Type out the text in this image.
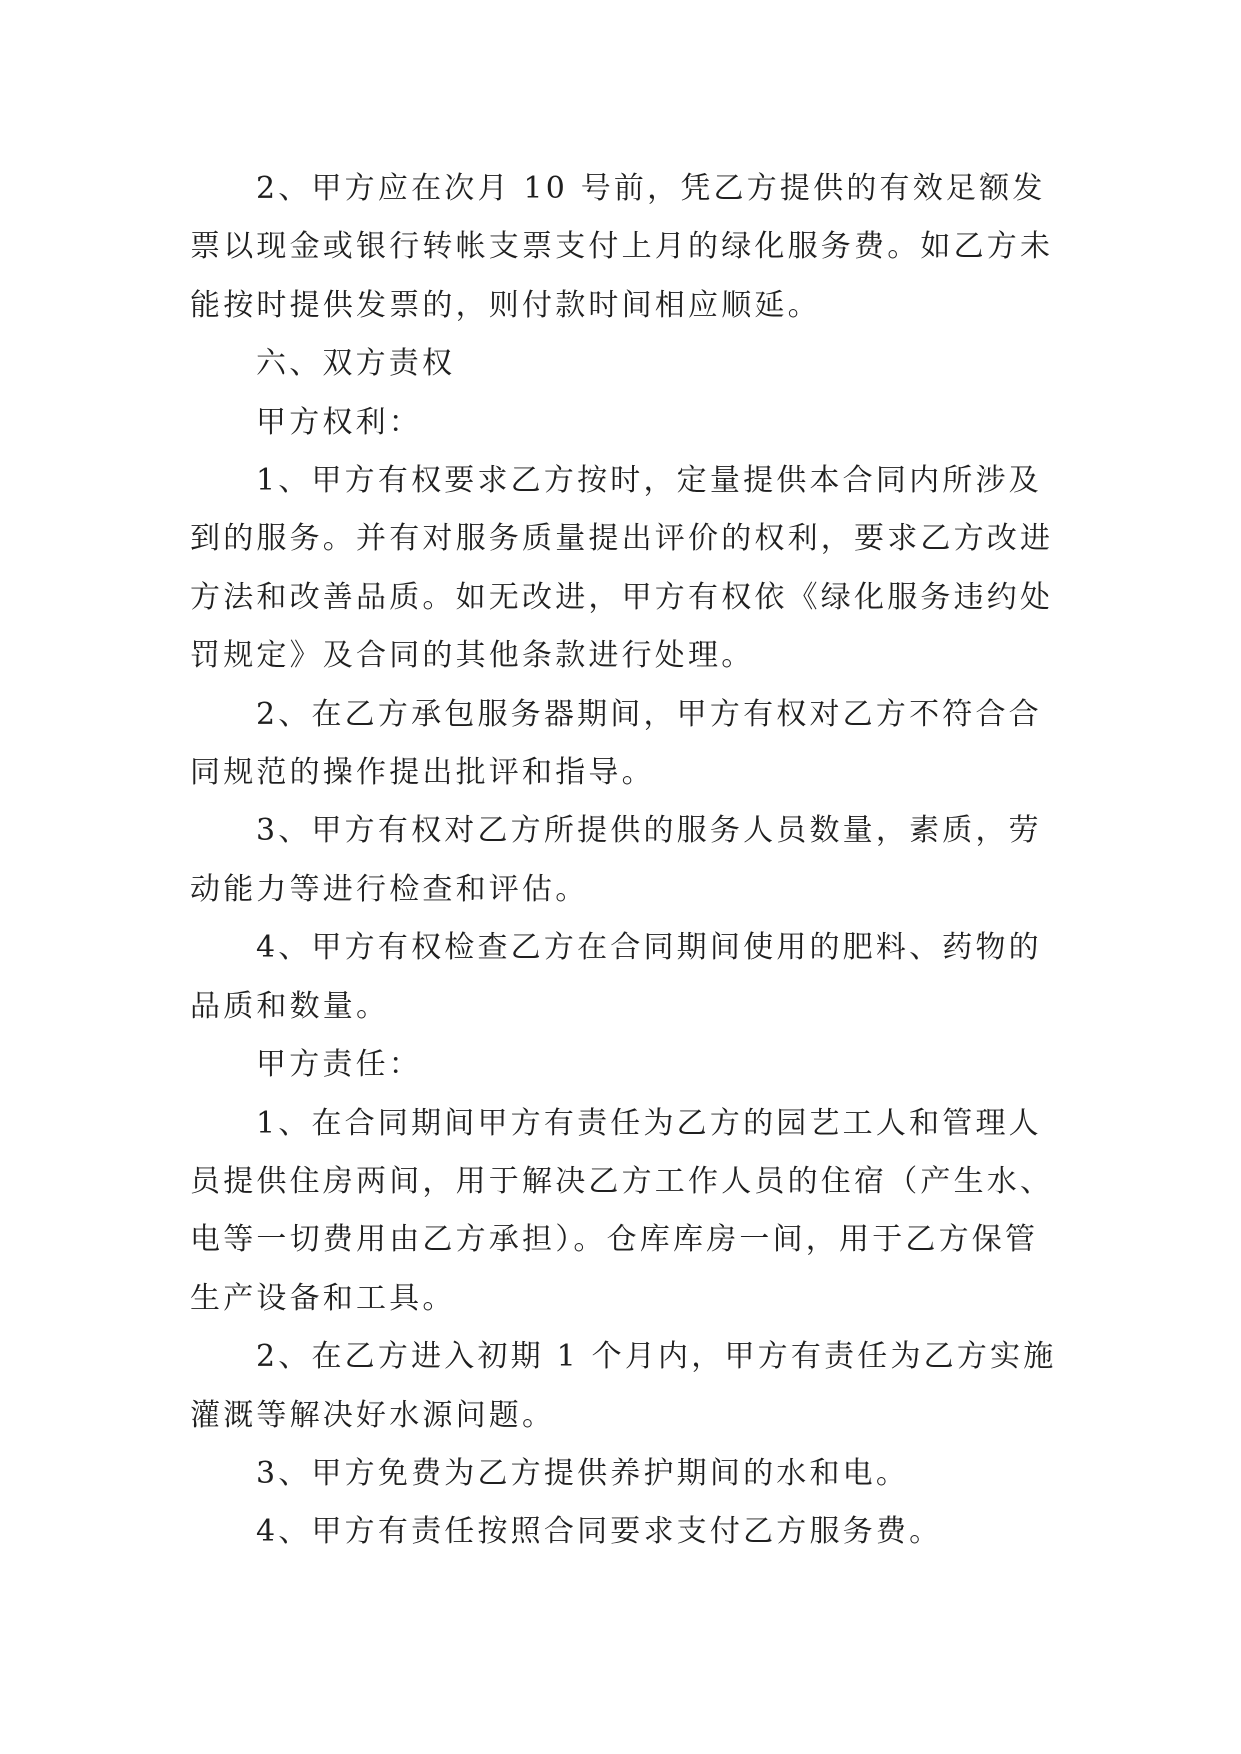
2、甲方应在次月 10 号前，凭乙方提供的有效足额发票以现金或银行转帐支票支付上月的绿化服务费。如乙方未能按时提供发票的，则付款时间相应顺延。

六、双方责权

甲方权利：

1、甲方有权要求乙方按时，定量提供本合同内所涉及到的服务。并有对服务质量提出评价的权利，要求乙方改进方法和改善品质。如无改进，甲方有权依《绿化服务违约处罚规定》及合同的其他条款进行处理。

2、在乙方承包服务器期间，甲方有权对乙方不符合合同规范的操作提出批评和指导。

3、甲方有权对乙方所提供的服务人员数量，素质，劳动能力等进行检查和评估。

4、甲方有权检查乙方在合同期间使用的肥料、药物的品质和数量。

甲方责任：

1、在合同期间甲方有责任为乙方的园艺工人和管理人员提供住房两间，用于解决乙方工作人员的住宿（产生水、电等一切费用由乙方承担）。仓库库房一间，用于乙方保管生产设备和工具。

2、在乙方进入初期 1 个月内，甲方有责任为乙方实施灌溉等解决好水源问题。

3、甲方免费为乙方提供养护期间的水和电。

4、甲方有责任按照合同要求支付乙方服务费。
